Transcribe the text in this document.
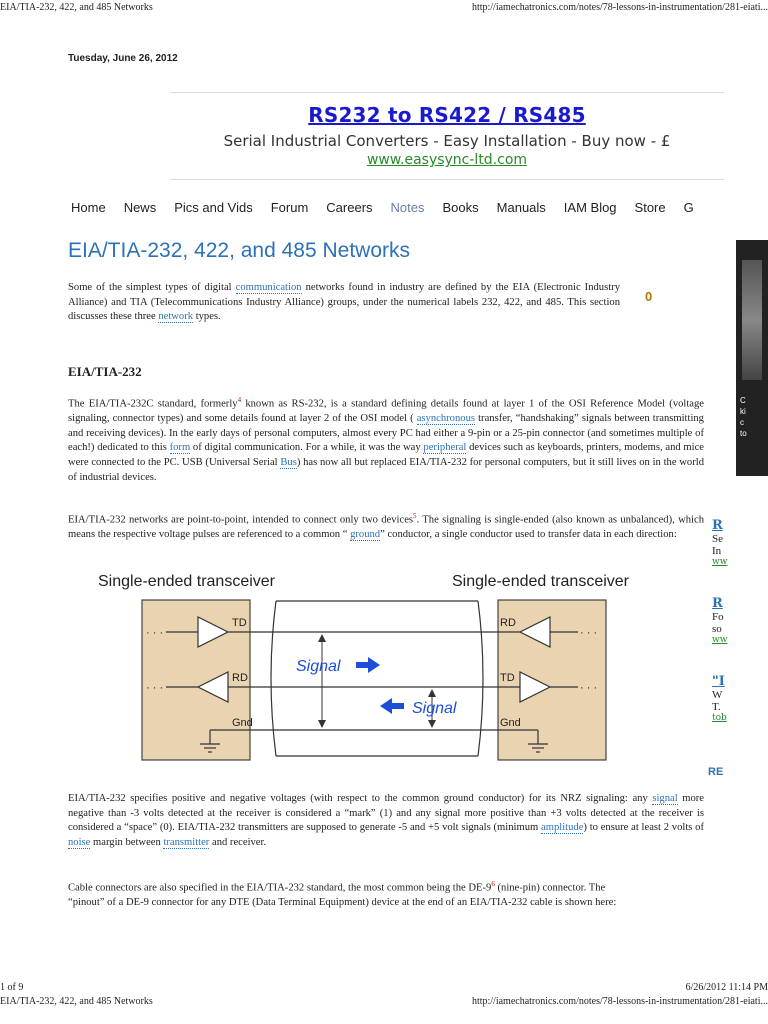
EIA/TIA-232, 422, and 485 Networks	http://iamechatronics.com/notes/78-lessons-in-instrumentation/281-eiati...
Tuesday, June 26, 2012
RS232 to RS422 / RS485
Serial Industrial Converters - Easy Installation - Buy now - £
www.easysync-ltd.com
Home	News	Pics and Vids	Forum	Careers	Notes	Books	Manuals	IAM Blog	Store	G
EIA/TIA-232, 422, and 485 Networks
Some of the simplest types of digital communication networks found in industry are defined by the EIA (Electronic Industry Alliance) and TIA (Telecommunications Industry Alliance) groups, under the numerical labels 232, 422, and 485. This section discusses these three network types.
0
EIA/TIA-232
The EIA/TIA-232C standard, formerly$^4$ known as RS-232, is a standard defining details found at layer 1 of the OSI Reference Model (voltage signaling, connector types) and some details found at layer 2 of the OSI model ( asynchronous transfer, “handshaking” signals between transmitting and receiving devices). In the early days of personal computers, almost every PC had either a 9-pin or a 25-pin connector (and sometimes multiple of each!) dedicated to this form of digital communication. For a while, it was the way peripheral devices such as keyboards, printers, modems, and mice were connected to the PC. USB (Universal Serial Bus) has now all but replaced EIA/TIA-232 for personal computers, but it still lives on in the world of industrial devices.
EIA/TIA-232 networks are point-to-point, intended to connect only two devices$^5$. The signaling is single-ended (also known as unbalanced), which means the respective voltage pulses are referenced to a common “ ground” conductor, a single conductor used to transfer data in each direction:
Single-ended transceiver	Single-ended transceiver
· · ·
· · ·
TD
RD
Gnd
· · ·
· · ·
RD
TD
Gnd
Signal
Signal
EIA/TIA-232 specifies positive and negative voltages (with respect to the common ground conductor) for its NRZ signaling: any signal more negative than -3 volts detected at the receiver is considered a “mark” (1) and any signal more positive than +3 volts detected at the receiver is considered a “space” (0). EIA/TIA-232 transmitters are supposed to generate -5 and +5 volt signals (minimum amplitude) to ensure at least 2 volts of noise margin between transmitter and receiver.
Cable connectors are also specified in the EIA/TIA-232 standard, the most common being the DE-9$^6$ (nine-pin) connector. The “pinout” of a DE-9 connector for any DTE (Data Terminal Equipment) device at the end of an EIA/TIA-232 cable is shown here:
C
ki
c
to
R
Se
In
ww
R
Fo
so
ww
"I
W
T.
tob
RE
1 of 9	6/26/2012 11:14 PM
EIA/TIA-232, 422, and 485 Networks	http://iamechatronics.com/notes/78-lessons-in-instrumentation/281-eiati...
